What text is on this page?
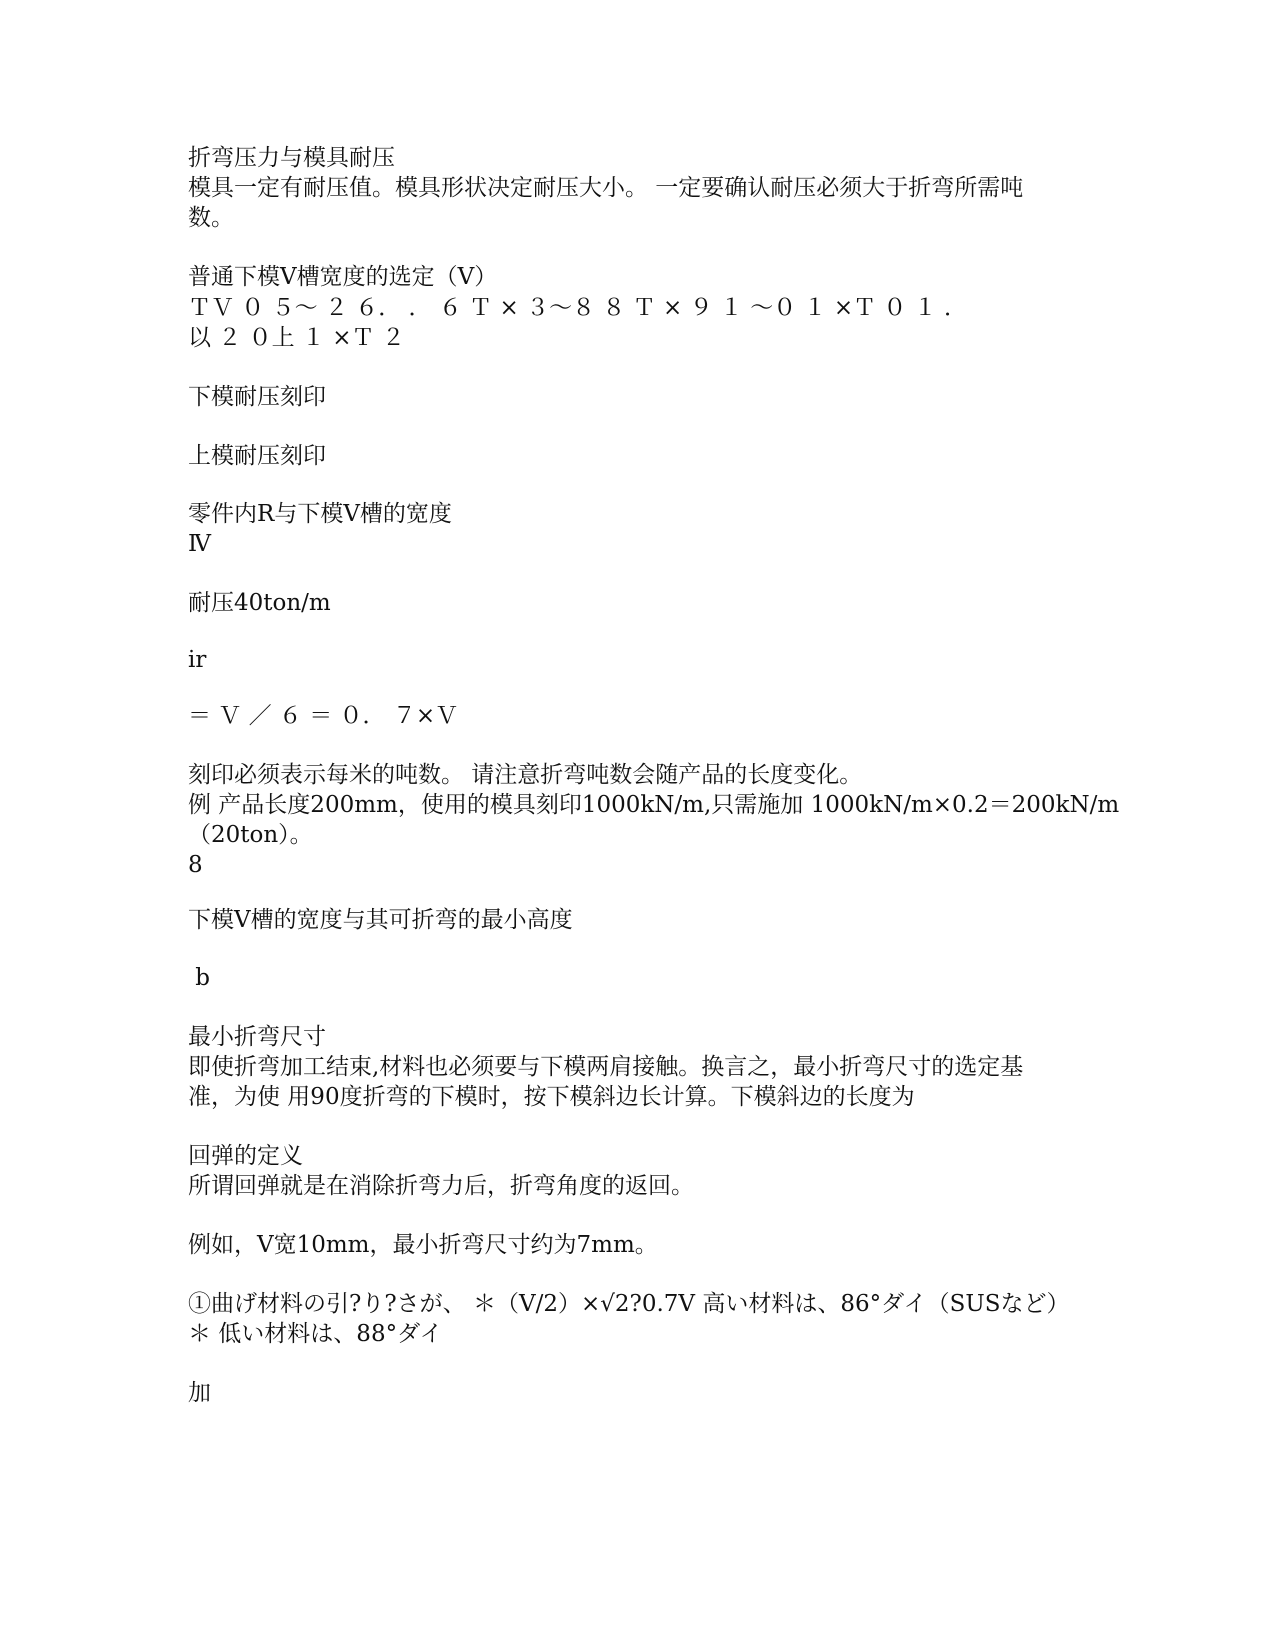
折弯压力与模具耐压
模具一定有耐压值。模具形状决定耐压大小。 一定要确认耐压必须大于折弯所需吨
数。
普通下模V槽宽度的选定（V）
ＴＶ ０ ５～ ２ ６． ． ６ Ｔ × ３～８ ８ Ｔ × ９ １ ～０ １ ×Ｔ ０ １ ．
以 ２ ０上 １ ×Ｔ ２
下模耐压刻印
上模耐压刻印
零件内R与下模V槽的宽度
Ⅳ
耐压40ton/m
ir
＝ Ｖ ／ ６ ＝ ０． ７×Ｖ
刻印必须表示每米的吨数。 请注意折弯吨数会随产品的长度变化。
例 产品长度200mm，使用的模具刻印1000kN/m,只需施加 1000kN/m×0.2＝200kN/m
（20ton）。
8
下模V槽的宽度与其可折弯的最小高度
b
最小折弯尺寸
即使折弯加工结束,材料也必须要与下模两肩接触。换言之，最小折弯尺寸的选定基
准，为使 用90度折弯的下模时，按下模斜边长计算。下模斜边的长度为
回弹的定义
所谓回弹就是在消除折弯力后，折弯角度的返回。
例如，V宽10mm，最小折弯尺寸约为7mm。
①曲げ材料の引?り?さが、 ＊（V/2）×√2?0.7V 高い材料は、86°ダイ（SUSなど）
＊ 低い材料は、88°ダイ
加
